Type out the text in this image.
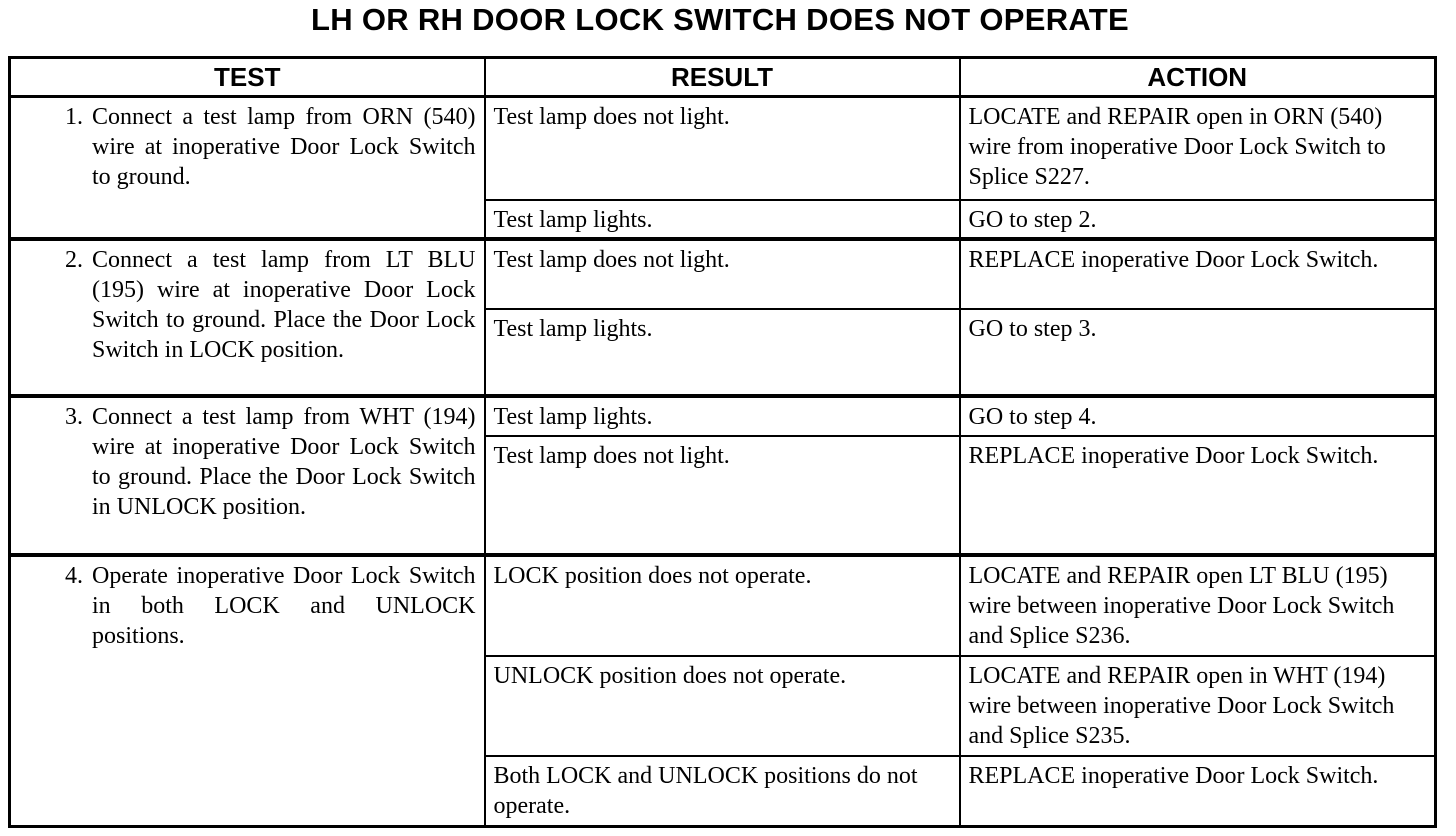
LH OR RH DOOR LOCK SWITCH DOES NOT OPERATE
TEST	RESULT	ACTION

1. Connect a test lamp from ORN (540) wire at inoperative Door Lock Switch to ground.	Test lamp does not light.	LOCATE and REPAIR open in ORN (540) wire from inoperative Door Lock Switch to Splice S227.
	Test lamp lights.	GO to step 2.

2. Connect a test lamp from LT BLU (195) wire at inoperative Door Lock Switch to ground. Place the Door Lock Switch in LOCK position.	Test lamp does not light.	REPLACE inoperative Door Lock Switch.
	Test lamp lights.	GO to step 3.

3. Connect a test lamp from WHT (194) wire at inoperative Door Lock Switch to ground. Place the Door Lock Switch in UNLOCK position.	Test lamp lights.	GO to step 4.
	Test lamp does not light.	REPLACE inoperative Door Lock Switch.

4. Operate inoperative Door Lock Switch in both LOCK and UNLOCK positions.	LOCK position does not operate.	LOCATE and REPAIR open LT BLU (195) wire between inoperative Door Lock Switch and Splice S236.
	UNLOCK position does not operate.	LOCATE and REPAIR open in WHT (194) wire between inoperative Door Lock Switch and Splice S235.
	Both LOCK and UNLOCK positions do not operate.	REPLACE inoperative Door Lock Switch.
